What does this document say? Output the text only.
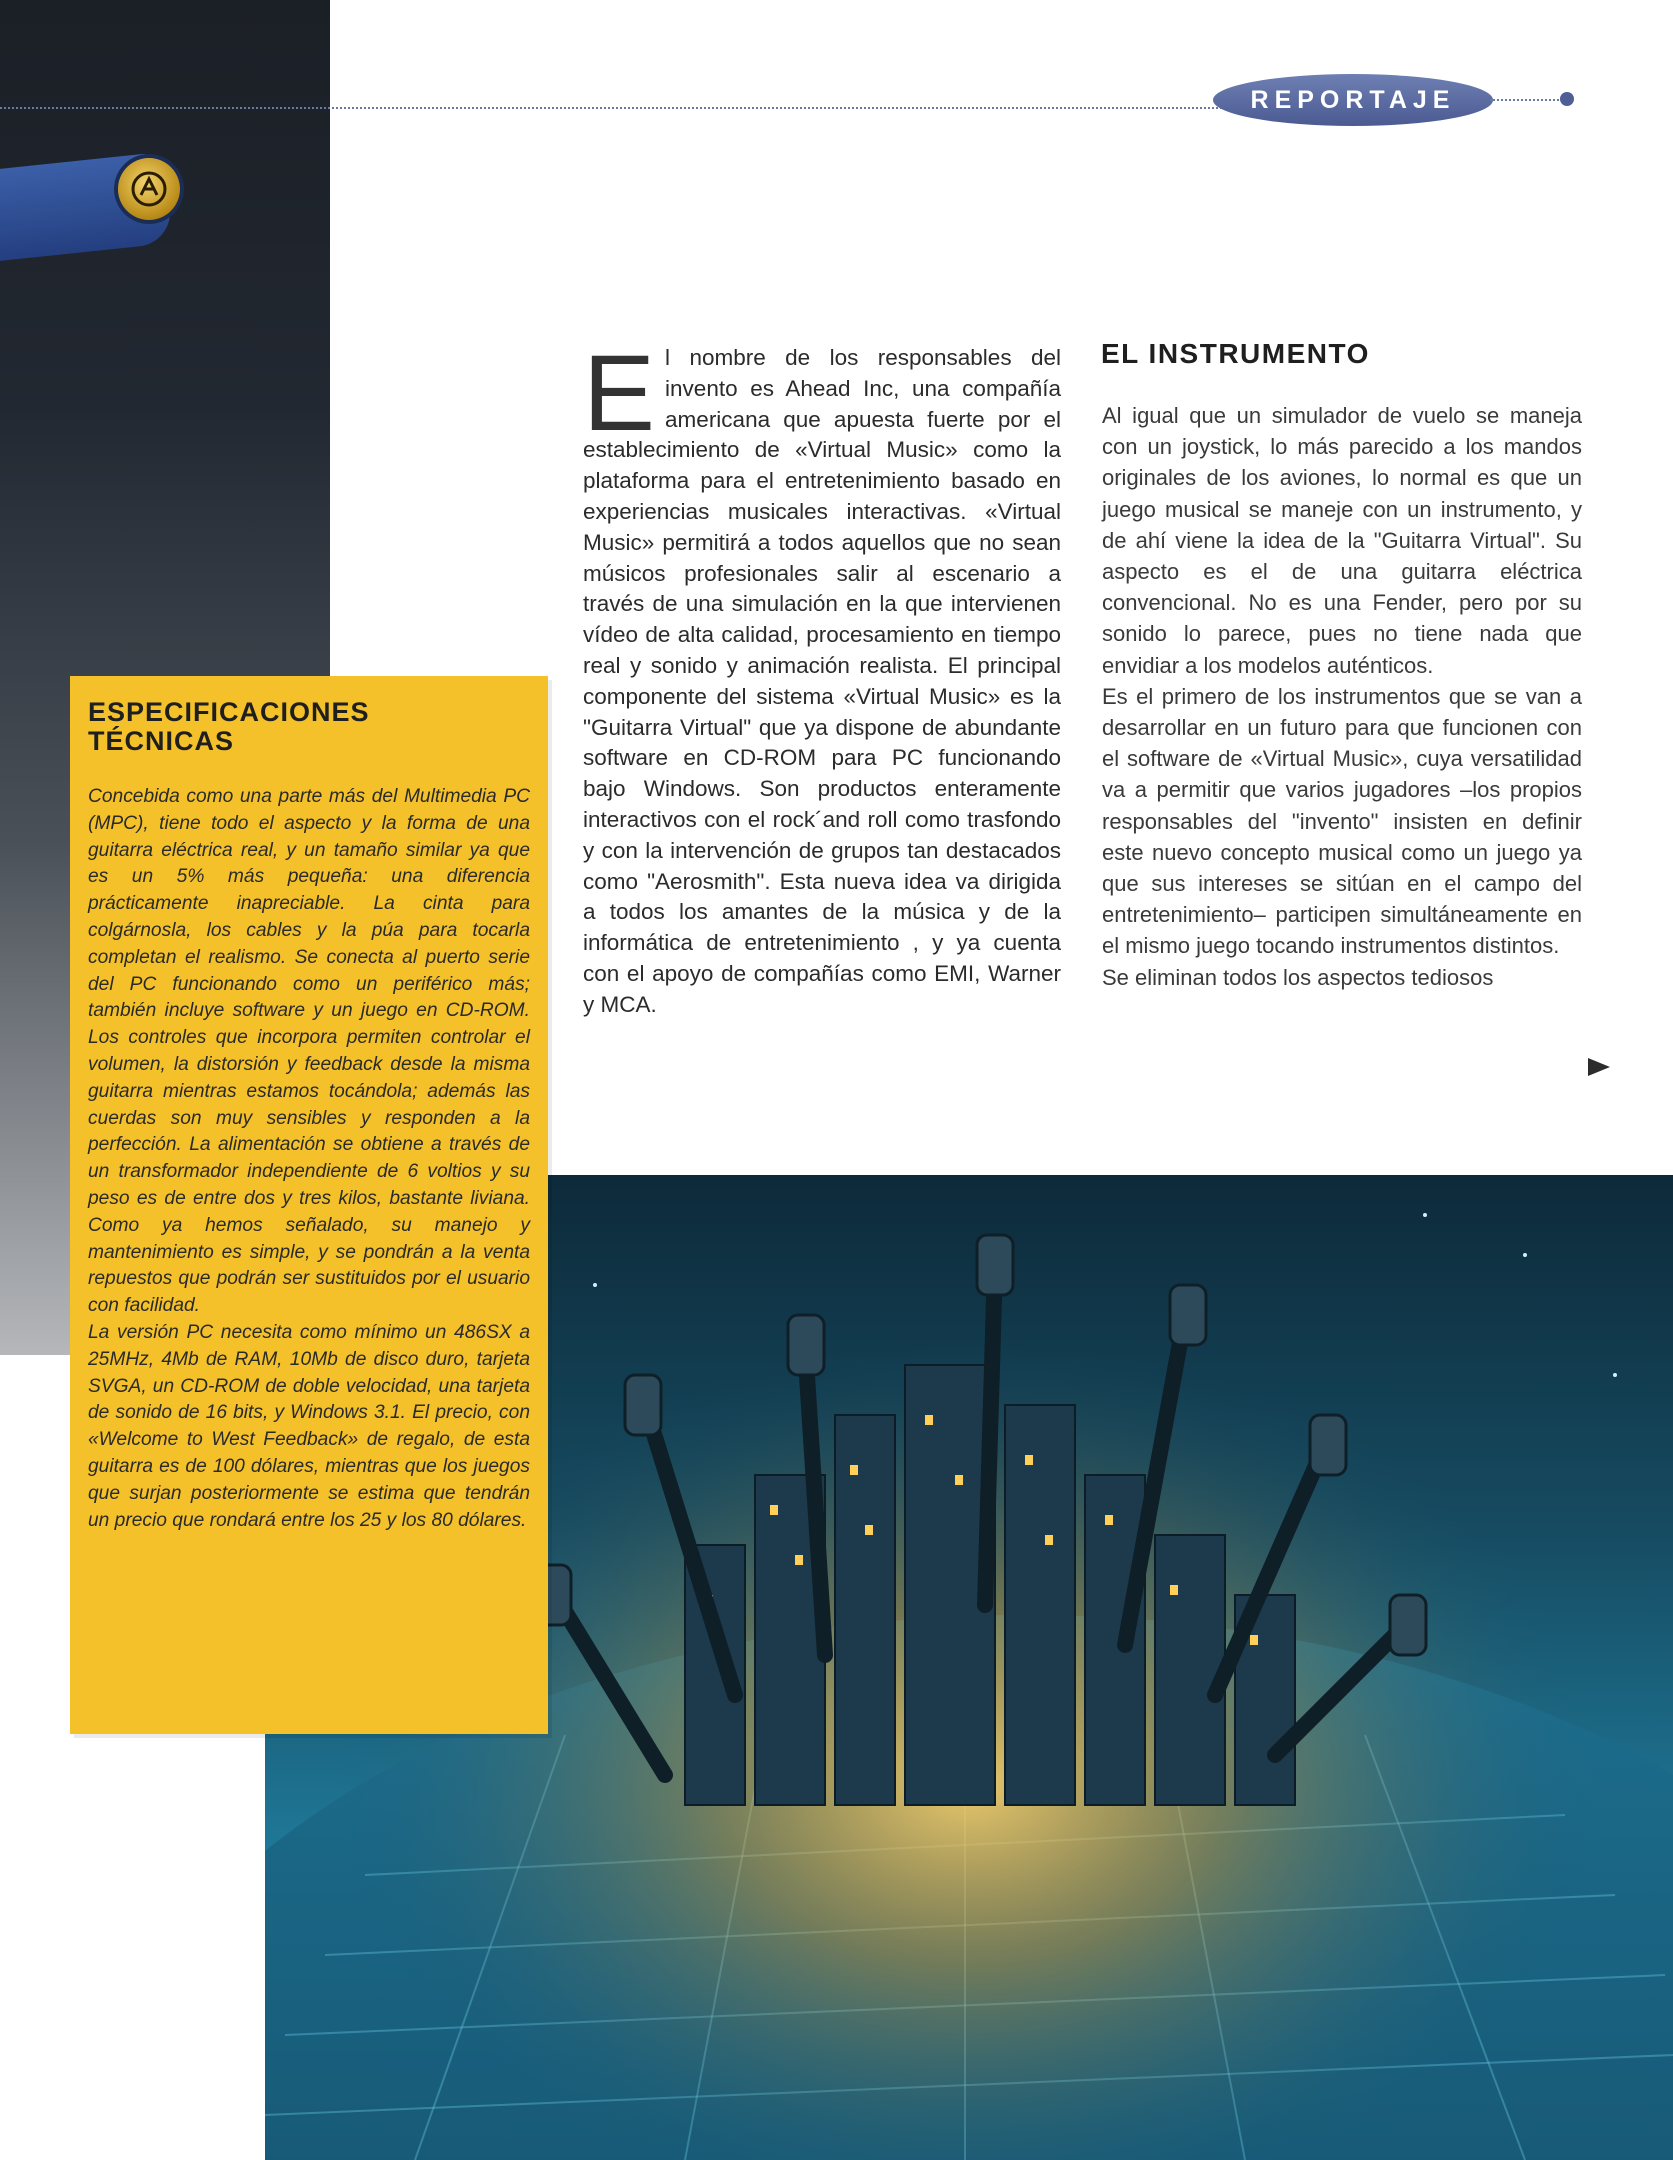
REPORTAJE
El nombre de los responsables del invento es Ahead Inc, una compañía americana que apuesta fuerte por el establecimiento de «Virtual Music» como la plataforma para el entretenimiento basado en experiencias musicales interactivas. «Virtual Music» permitirá a todos aquellos que no sean músicos profesionales salir al escenario a través de una simulación en la que intervienen vídeo de alta calidad, procesamiento en tiempo real y sonido y animación realista. El principal componente del sistema «Virtual Music» es la "Guitarra Virtual" que ya dispone de abundante software en CD-ROM para PC funcionando bajo Windows. Son productos enteramente interactivos con el rock´and roll como trasfondo y con la intervención de grupos tan destacados como "Aerosmith". Esta nueva idea va dirigida a todos los amantes de la música y de la informática de entretenimiento , y ya cuenta con el apoyo de compañías como EMI, Warner y MCA.
EL INSTRUMENTO

Al igual que un simulador de vuelo se maneja con un joystick, lo más parecido a los mandos originales de los aviones, lo normal es que un juego musical se maneje con un instrumento, y de ahí viene la idea de la "Guitarra Virtual". Su aspecto es el de una guitarra eléctrica convencional. No es una Fender, pero por su sonido lo parece, pues no tiene nada que envidiar a los modelos auténticos.

Es el primero de los instrumentos que se van a desarrollar en un futuro para que funcionen con el software de «Virtual Music», cuya versatilidad va a permitir que varios jugadores –los propios responsables del "invento" insisten en definir este nuevo concepto musical como un juego ya que sus intereses se sitúan en el campo del entretenimiento– participen simultáneamente en el mismo juego tocando instrumentos distintos.

Se eliminan todos los aspectos tediosos

ESPECIFICACIONES
TÉCNICAS

Concebida como una parte más del Multimedia PC (MPC), tiene todo el aspecto y la forma de una guitarra eléctrica real, y un tamaño similar ya que es un 5% más pequeña: una diferencia prácticamente inapreciable. La cinta para colgárnosla, los cables y la púa para tocarla completan el realismo. Se conecta al puerto serie del PC funcionando como un periférico más; también incluye software y un juego en CD-ROM. Los controles que incorpora permiten controlar el volumen, la distorsión y feedback desde la misma guitarra mientras estamos tocándola; además las cuerdas son muy sensibles y responden a la perfección. La alimentación se obtiene a través de un transformador independiente de 6 voltios y su peso es de entre dos y tres kilos, bastante liviana. Como ya hemos señalado, su manejo y mantenimiento es simple, y se pondrán a la venta repuestos que podrán ser sustituidos por el usuario con facilidad.

La versión PC necesita como mínimo un 486SX a 25MHz, 4Mb de RAM, 10Mb de disco duro, tarjeta SVGA, un CD-ROM de doble velocidad, una tarjeta de sonido de 16 bits, y Windows 3.1. El precio, con «Welcome to West Feedback» de regalo, de esta guitarra es de 100 dólares, mientras que los juegos que surjan posteriormente se estima que tendrán un precio que rondará entre los 25 y los 80 dólares.
